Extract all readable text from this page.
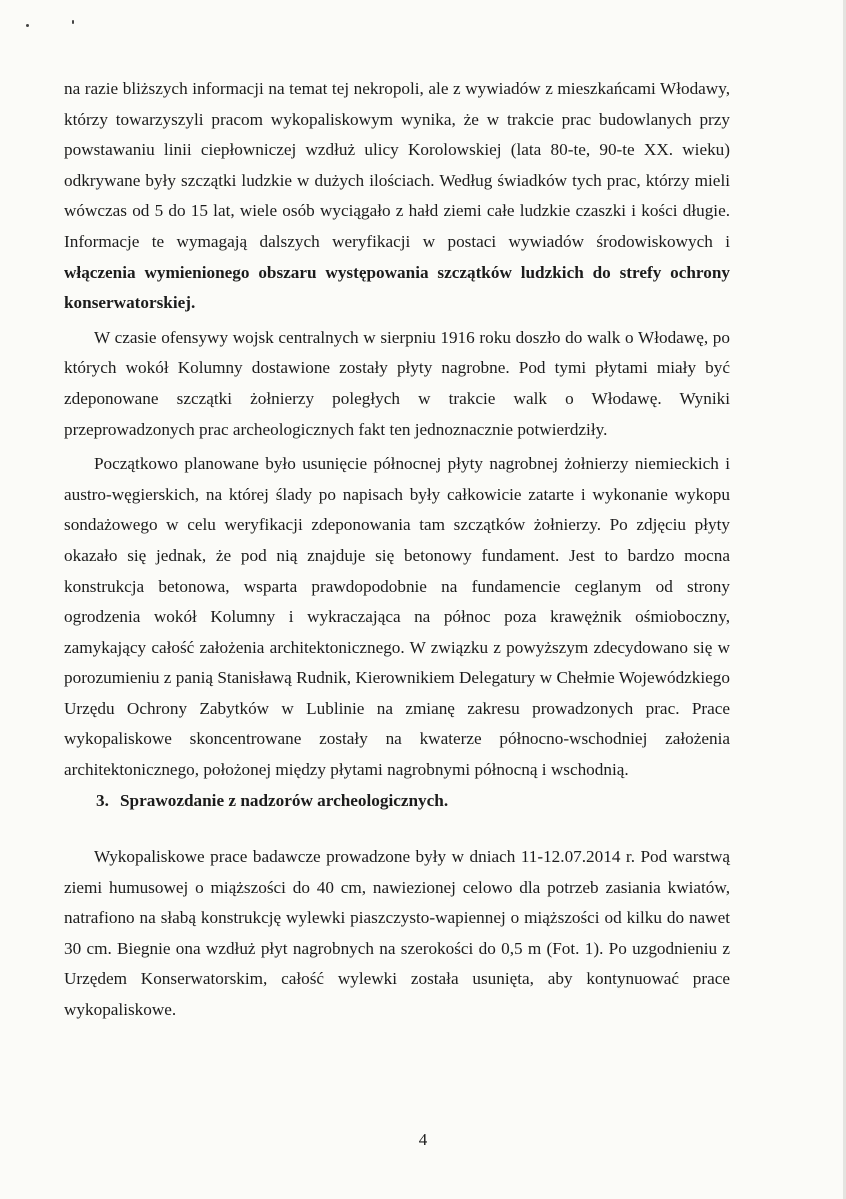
na razie bliższych informacji na temat tej nekropoli, ale z wywiadów z mieszkańcami Włodawy, którzy towarzyszyli pracom wykopaliskowym wynika, że w trakcie prac budowlanych przy powstawaniu linii ciepłowniczej wzdłuż ulicy Korolowskiej (lata 80-te, 90-te XX. wieku) odkrywane były szczątki ludzkie w dużych ilościach. Według świadków tych prac, którzy mieli wówczas od 5 do 15 lat, wiele osób wyciągało z hałd ziemi całe ludzkie czaszki i kości długie. Informacje te wymagają dalszych weryfikacji w postaci wywiadów środowiskowych i włączenia wymienionego obszaru występowania szczątków ludzkich do strefy ochrony konserwatorskiej.

W czasie ofensywy wojsk centralnych w sierpniu 1916 roku doszło do walk o Włodawę, po których wokół Kolumny dostawione zostały płyty nagrobne. Pod tymi płytami miały być zdeponowane szczątki żołnierzy poległych w trakcie walk o Włodawę. Wyniki przeprowadzonych prac archeologicznych fakt ten jednoznacznie potwierdziły.

Początkowo planowane było usunięcie północnej płyty nagrobnej żołnierzy niemieckich i austro-węgierskich, na której ślady po napisach były całkowicie zatarte i wykonanie wykopu sondażowego w celu weryfikacji zdeponowania tam szczątków żołnierzy. Po zdjęciu płyty okazało się jednak, że pod nią znajduje się betonowy fundament. Jest to bardzo mocna konstrukcja betonowa, wsparta prawdopodobnie na fundamencie ceglanym od strony ogrodzenia wokół Kolumny i wykraczająca na północ poza krawężnik ośmioboczny, zamykający całość założenia architektonicznego. W związku z powyższym zdecydowano się w porozumieniu z panią Stanisławą Rudnik, Kierownikiem Delegatury w Chełmie Wojewódzkiego Urzędu Ochrony Zabytków w Lublinie na zmianę zakresu prowadzonych prac. Prace wykopaliskowe skoncentrowane zostały na kwaterze północno-wschodniej założenia architektonicznego, położonej między płytami nagrobnymi północną i wschodnią.

3. Sprawozdanie z nadzorów archeologicznych.

Wykopaliskowe prace badawcze prowadzone były w dniach 11-12.07.2014 r. Pod warstwą ziemi humusowej o miąższości do 40 cm, nawiezionej celowo dla potrzeb zasiania kwiatów, natrafiono na słabą konstrukcję wylewki piaszczysto-wapiennej o miąższości od kilku do nawet 30 cm. Biegnie ona wzdłuż płyt nagrobnych na szerokości do 0,5 m (Fot. 1). Po uzgodnieniu z Urzędem Konserwatorskim, całość wylewki została usunięta, aby kontynuować prace wykopaliskowe.

4
